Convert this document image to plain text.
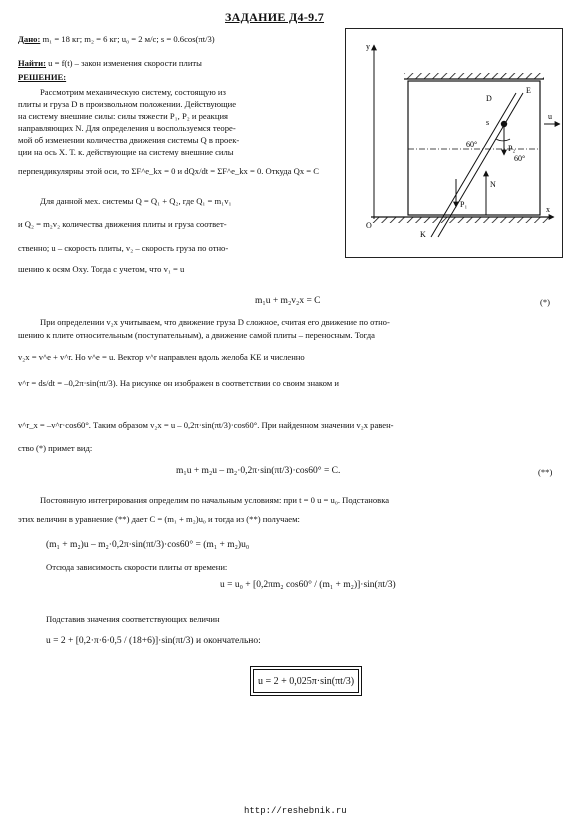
ЗАДАНИЕ Д4-9.7
Дано: m₁ = 18 кг; m₂ = 6 кг; u₀ = 2 м/с; s = 0.6cos(πt/3)
Найти: u = f(t) – закон изменения скорости плиты
РЕШЕНИЕ:
Рассмотрим механическую систему, состоящую из
плиты и груза D в произвольном положении. Действующие
на систему внешние силы: силы тяжести P₁, P₂ и реакция
направляющих N. Для определения u воспользуемся теоре-
мой об изменении количества движения системы Q в проек-
ции на ось X. Т. к. действующие на систему внешние силы
перпендикулярны этой оси, то ΣF^e_kx = 0 и dQx/dt = ΣF^e_kx = 0. Откуда Qx = C
Для данной мех. системы Q = Q₁ + Q₂, где Q₁ = m₁v₁
и Q₂ = m₂v₂ количества движения плиты и груза соответ-
ственно; u – скорость плиты, v₂ – скорость груза по отно-
шению к осям Oxy. Тогда с учетом, что v₁ = u
m₁u + m₂v₂x = C	(*)
При определении v₂x учитываем, что движение груза D сложное, считая его движение по отно-
шению к плите относительным (поступательным), а движение самой плиты – переносным. Тогда
v₂x = v^е + v^r. Но v^е = u. Вектор v^r направлен вдоль желоба KE и численно
v^r = ds/dt = –0,2π·sin(πt/3). На рисунке он изображен в соответствии со своим знаком и
v^r_x = –v^r·cos60°. Таким образом v₂x = u – 0,2π·sin(πt/3)·cos60°. При найденном значении v₂x равен-
ство (*) примет вид:
m₁u + m₂u – m₂·0,2π·sin(πt/3)·cos60° = C.	(**)
Постоянную интегрирования определим по начальным условиям: при t = 0 u = u₀. Подстановка
этих величин в уравнение (**) дает C = (m₁ + m₂)u₀ и тогда из (**) получаем:
(m₁ + m₂)u – m₂·0,2π·sin(πt/3)·cos60° = (m₁ + m₂)u₀
Отсюда зависимость скорости плиты от времени:
u = u₀ + [0,2πm₂ cos60° / (m₁ + m₂)]·sin(πt/3)
Подставив значения соответствующих величин
u = 2 + [0,2·π·6·0,5 / (18+6)]·sin(πt/3) и окончательно:
u = 2 + 0,025π·sin(πt/3)
http://reshebnik.ru
y
x
O
K
E
D
u
N
P₁
P₂
60°
60°
s
